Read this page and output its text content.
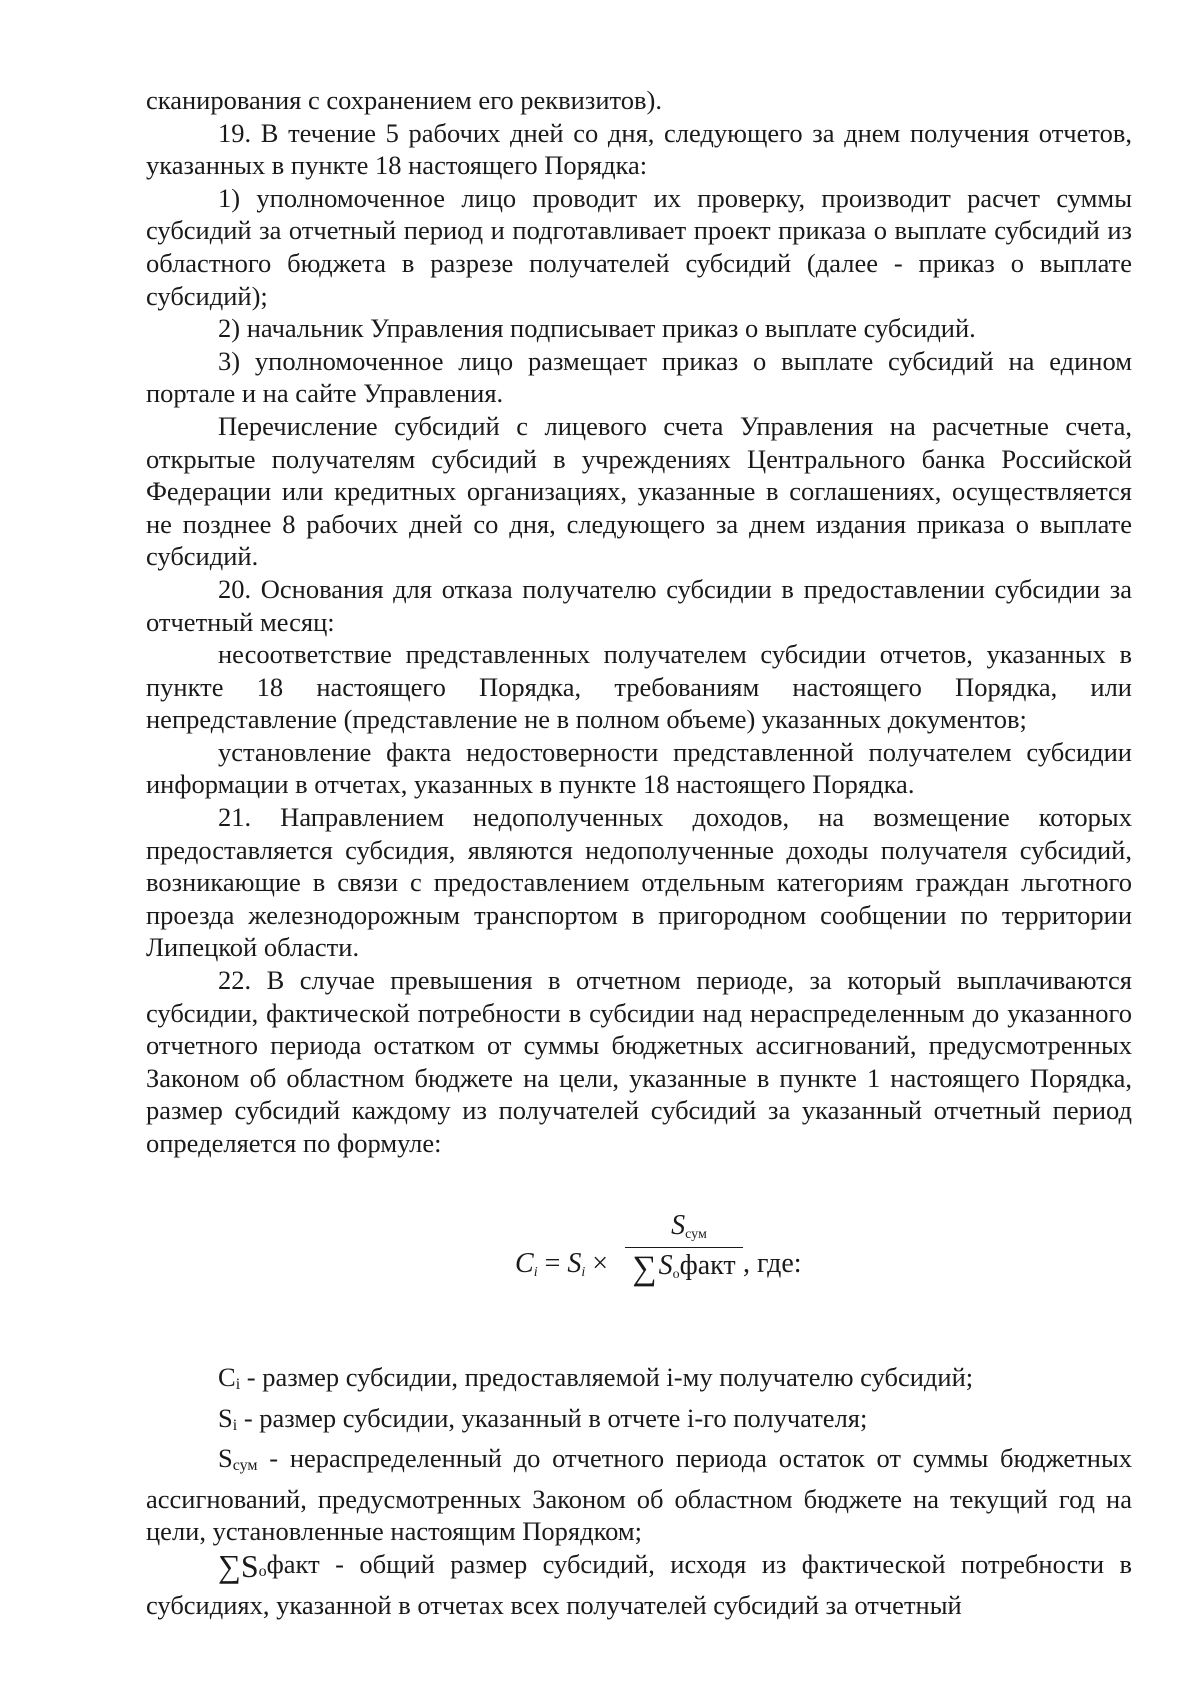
сканирования с сохранением его реквизитов).

19. В течение 5 рабочих дней со дня, следующего за днем получения отчетов, указанных в пункте 18 настоящего Порядка:

1) уполномоченное лицо проводит их проверку, производит расчет суммы субсидий за отчетный период и подготавливает проект приказа о выплате субсидий из областного бюджета в разрезе получателей субсидий (далее - приказ о выплате субсидий);

2) начальник Управления подписывает приказ о выплате субсидий.

3) уполномоченное лицо размещает приказ о выплате субсидий на едином портале и на сайте Управления.

Перечисление субсидий с лицевого счета Управления на расчетные счета, открытые получателям субсидий в учреждениях Центрального банка Российской Федерации или кредитных организациях, указанные в соглашениях, осуществляется не позднее 8 рабочих дней со дня, следующего за днем издания приказа о выплате субсидий.

20. Основания для отказа получателю субсидии в предоставлении субсидии за отчетный месяц:

несоответствие представленных получателем субсидии отчетов, указанных в пункте 18 настоящего Порядка, требованиям настоящего Порядка, или непредставление (представление не в полном объеме) указанных документов;

установление факта недостоверности представленной получателем субсидии информации в отчетах, указанных в пункте 18 настоящего Порядка.

21. Направлением недополученных доходов, на возмещение которых предоставляется субсидия, являются недополученные доходы получателя субсидий, возникающие в связи с предоставлением отдельным категориям граждан льготного проезда железнодорожным транспортом в пригородном сообщении по территории Липецкой области.

22. В случае превышения в отчетном периоде, за который выплачиваются субсидии, фактической потребности в субсидии над нераспределенным до указанного отчетного периода остатком от суммы бюджетных ассигнований, предусмотренных Законом об областном бюджете на цели, указанные в пункте 1 настоящего Порядка, размер субсидий каждому из получателей субсидий за указанный отчетный период определяется по формуле:

$C_i = S_i$ ×
$S_{сум}$
$\sum S_офакт$ , где:

$C_i$ - размер субсидии, предоставляемой i-му получателю субсидий;

$S_i$ - размер субсидии, указанный в отчете i-го получателя;

$S_{сум}$ - нераспределенный до отчетного периода остаток от суммы бюджетных ассигнований, предусмотренных Законом об областном бюджете на текущий год на цели, установленные настоящим Порядком;

$\sum S_офакт$ - общий размер субсидий, исходя из фактической потребности в субсидиях, указанной в отчетах всех получателей субсидий за отчетный
